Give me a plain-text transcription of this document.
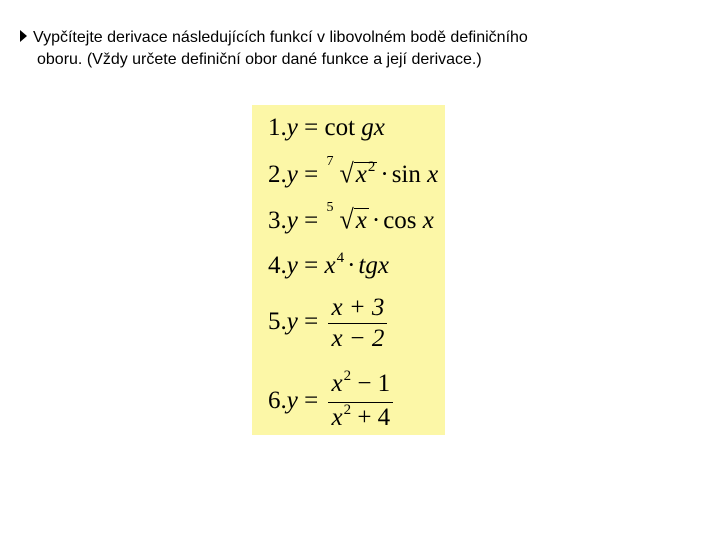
Vypčítejte derivace následujících funkcí v libovolném bodě definičního
oboru. (Vždy určete definiční obor dané funkce a její derivace.)

1.y = cot gx
2.y = 7 $√x^2 \cdot \sin x$
3.y = 5 √x · cos x
$4.y = x^4$ · tgx
$5.y = \frac{x + 3}{x - 2}$
$6.y = \frac{x^2 - 1}{x^2 + 4}$
